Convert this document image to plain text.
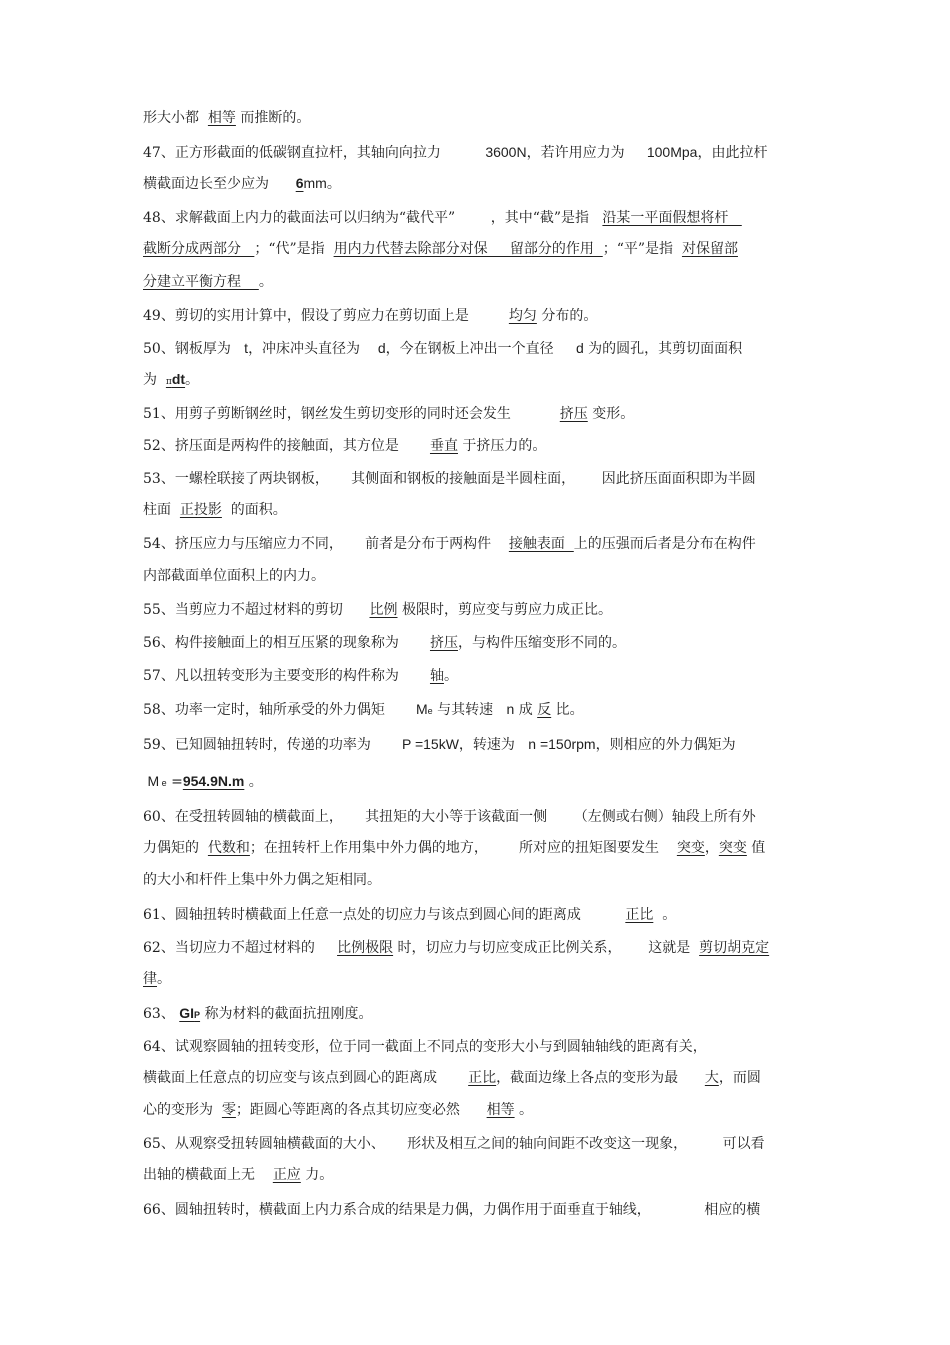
形大小都  相等 而推断的。
47、正方形截面的低碳钢直拉杆，其轴向向拉力          3600N，若许用应力为     100Mpa，由此拉杆
横截面边长至少应为      6mm。
48、求解截面上内力的截面法可以归纳为“截代平”        ，其中“截”是指   沿某一平面假想将杆
截断分成两部分   ；“代”是指  用内力代替去除部分对保     留部分的作用  ；“平”是指  对保留部
分建立平衡方程    。
49、剪切的实用计算中，假设了剪应力在剪切面上是         均匀 分布的。
50、钢板厚为   t，冲床冲头直径为    d，今在钢板上冲出一个直径     d 为的圆孔，其剪切面面积
为  πdt。
51、用剪子剪断钢丝时，钢丝发生剪切变形的同时还会发生           挤压 变形。
52、挤压面是两构件的接触面，其方位是       垂直 于挤压力的。
53、一螺栓联接了两块钢板，     其侧面和钢板的接触面是半圆柱面，      因此挤压面面积即为半圆
柱面  正投影  的面积。
54、挤压应力与压缩应力不同，     前者是分布于两构件    接触表面  上的压强而后者是分布在构件
内部截面单位面积上的内力。
55、当剪应力不超过材料的剪切      比例 极限时，剪应变与剪应力成正比。
56、构件接触面上的相互压紧的现象称为       挤压，与构件压缩变形不同的。
57、凡以扭转变形为主要变形的构件称为       轴。
58、功率一定时，轴所承受的外力偶矩       Me 与其转速   n 成 反 比。
59、已知圆轴扭转时，传递的功率为       P =15kW，转速为   n =150rpm，则相应的外力偶矩为
M e =954.9N.m 。
60、在受扭转圆轴的横截面上，     其扭矩的大小等于该截面一侧      （左侧或右侧）轴段上所有外
力偶矩的  代数和；在扭转杆上作用集中外力偶的地方，       所对应的扭矩图要发生    突变，突变 值
的大小和杆件上集中外力偶之矩相同。
61、圆轴扭转时横截面上任意一点处的切应力与该点到圆心间的距离成          正比  。
62、当切应力不超过材料的     比例极限 时，切应力与切应变成正比例关系，      这就是  剪切胡克定
律。
63、 GIP 称为材料的截面抗扭刚度。
64、试观察圆轴的扭转变形，位于同一截面上不同点的变形大小与到圆轴轴线的距离有关，
横截面上任意点的切应变与该点到圆心的距离成       正比，截面边缘上各点的变形为最      大，而圆
心的变形为  零；距圆心等距离的各点其切应变必然      相等 。
65、从观察受扭转圆轴横截面的大小、     形状及相互之间的轴向间距不改变这一现象，        可以看
出轴的横截面上无    正应 力。
66、圆轴扭转时，横截面上内力系合成的结果是力偶，力偶作用于面垂直于轴线，            相应的横
